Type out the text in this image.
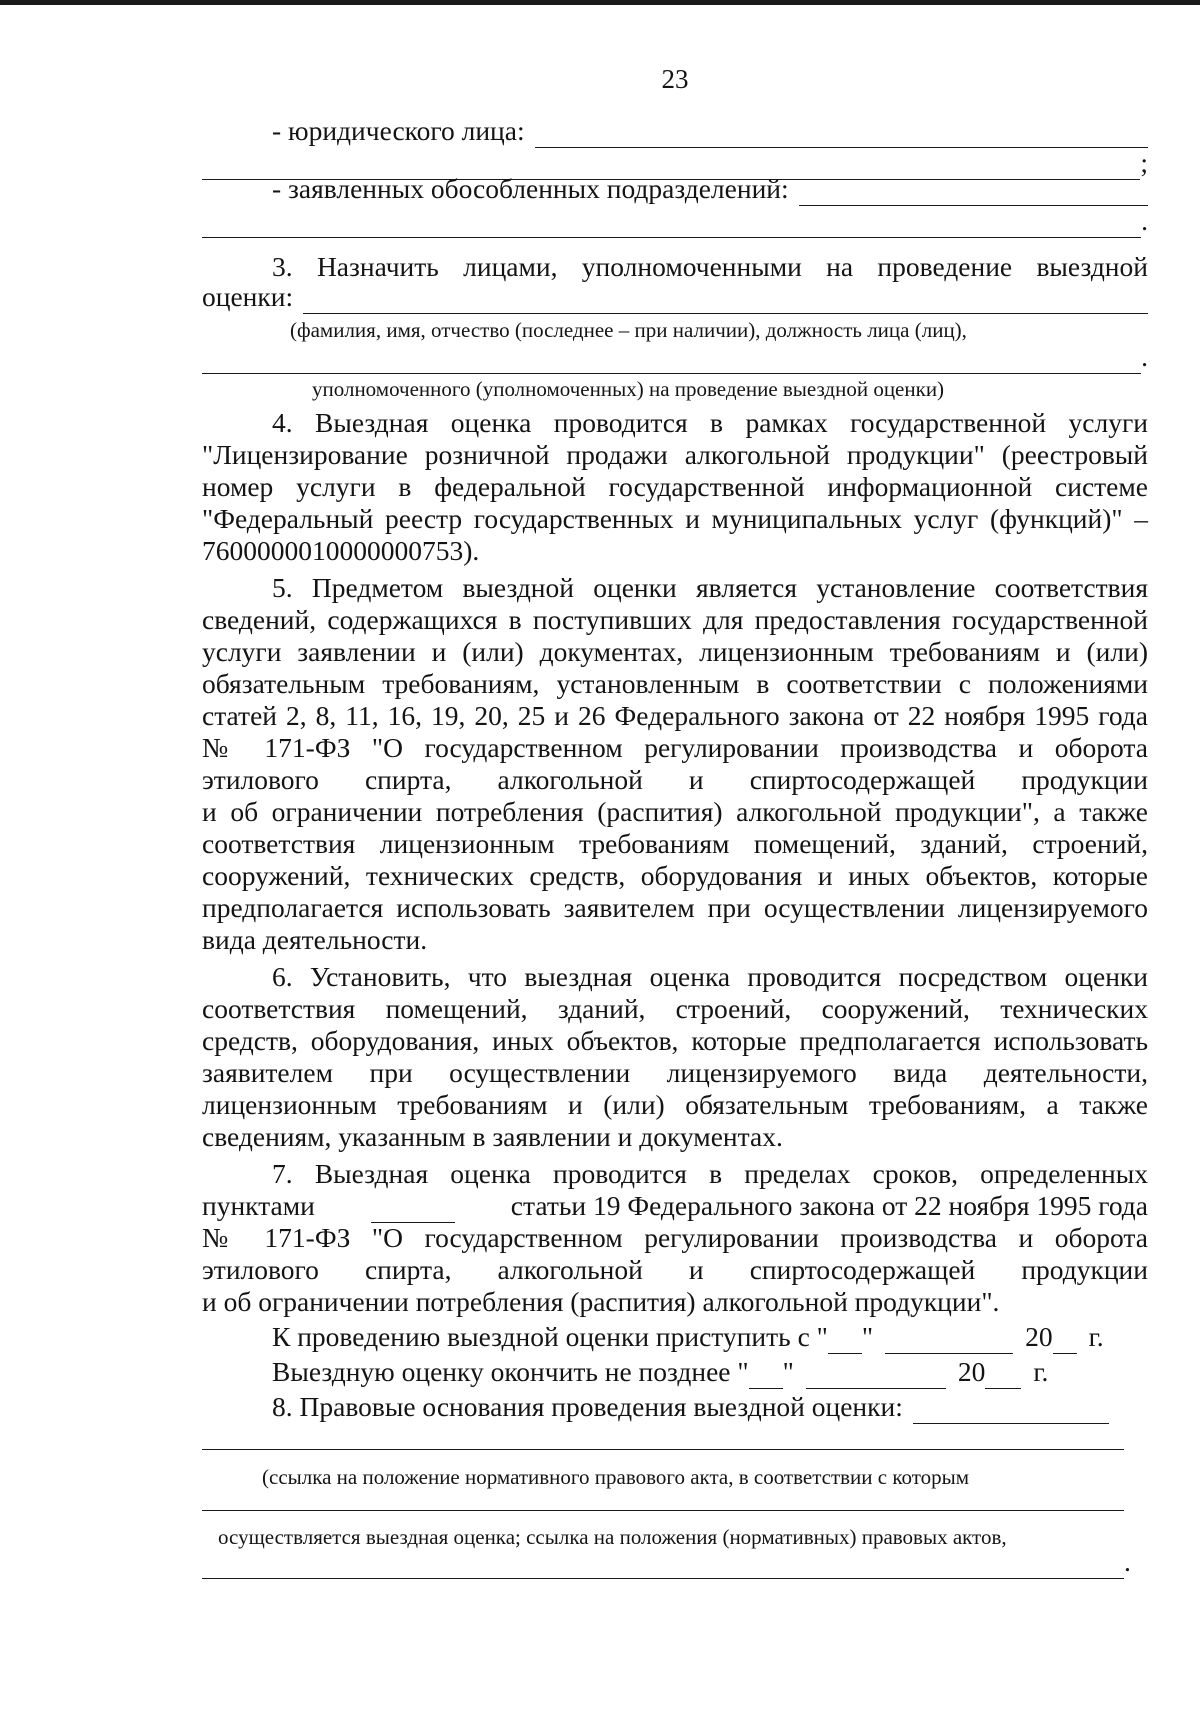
23
- юридического лица:
;
- заявленных обособленных подразделений:
.
3. Назначить лицами, уполномоченными на проведение выездной
оценки:
(фамилия, имя, отчество (последнее – при наличии), должность лица (лиц),
.
уполномоченного (уполномоченных) на проведение выездной оценки)
4. Выездная оценка проводится в рамках государственной услуги
"Лицензирование розничной продажи алкогольной продукции" (реестровый
номер услуги в федеральной государственной информационной системе
"Федеральный реестр государственных и муниципальных услуг (функций)" –
7600000010000000753).
5. Предметом выездной оценки является установление соответствия
сведений, содержащихся в поступивших для предоставления государственной
услуги заявлении и (или) документах, лицензионным требованиям и (или)
обязательным требованиям, установленным в соответствии с положениями
статей 2, 8, 11, 16, 19, 20, 25 и 26 Федерального закона от 22 ноября 1995 года
№ 171-ФЗ "О государственном регулировании производства и оборота
этилового спирта, алкогольной и спиртосодержащей продукции
и об ограничении потребления (распития) алкогольной продукции", а также
соответствия лицензионным требованиям помещений, зданий, строений,
сооружений, технических средств, оборудования и иных объектов, которые
предполагается использовать заявителем при осуществлении лицензируемого
вида деятельности.
6. Установить, что выездная оценка проводится посредством оценки
соответствия помещений, зданий, строений, сооружений, технических
средств, оборудования, иных объектов, которые предполагается использовать
заявителем при осуществлении лицензируемого вида деятельности,
лицензионным требованиям и (или) обязательным требованиям, а также
сведениям, указанным в заявлении и документах.
7. Выездная оценка проводится в пределах сроков, определенных
пунктами	статьи 19 Федерального закона от 22 ноября 1995 года
№ 171-ФЗ "О государственном регулировании производства и оборота
этилового спирта, алкогольной и спиртосодержащей продукции
и об ограничении потребления (распития) алкогольной продукции".
К проведению выездной оценки приступить с " "	20 г.
Выездную оценку окончить не позднее " "	20 г.
8. Правовые основания проведения выездной оценки:
(ссылка на положение нормативного правового акта, в соответствии с которым
осуществляется выездная оценка; ссылка на положения (нормативных) правовых актов,
.
